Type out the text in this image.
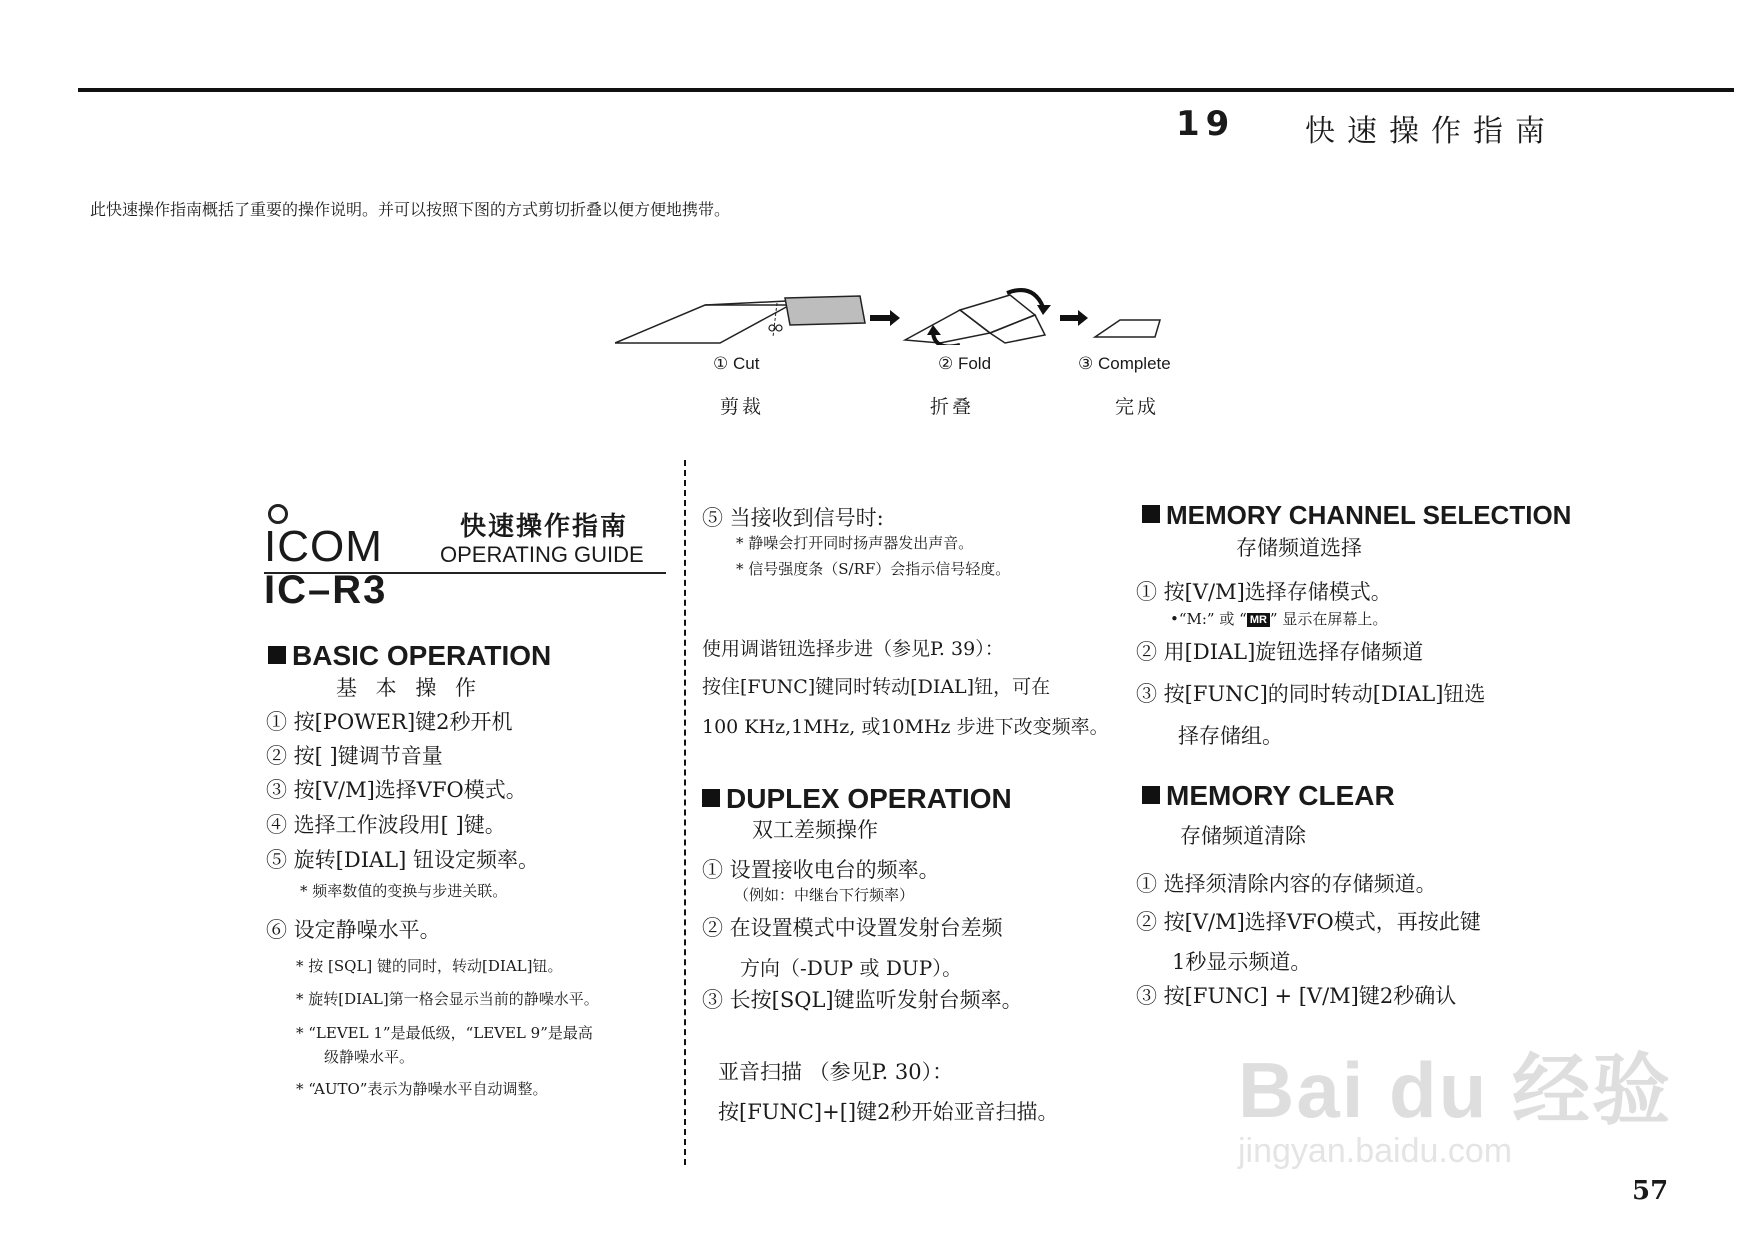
19 快速操作指南
此快速操作指南概括了重要的操作说明。并可以按照下图的方式剪切折叠以便方便地携带。
① Cut	② Fold	③ Complete
剪裁	折叠	完成
ICOM
IC–R3
快速操作指南
OPERATING GUIDE
BASIC OPERATION
基 本 操 作
① 按[POWER]键2秒开机
② 按[ ]键调节音量
③ 按[V/M]选择VFO模式。
④ 选择工作波段用[ ]键。
⑤ 旋转[DIAL] 钮设定频率。
* 频率数值的变换与步进关联。
⑥ 设定静噪水平。
* 按 [SQL] 键的同时，转动[DIAL]钮。
* 旋转[DIAL]第一格会显示当前的静噪水平。
* “LEVEL 1”是最低级，“LEVEL 9”是最高
级静噪水平。
* “AUTO”表示为静噪水平自动调整。
⑤ 当接收到信号时:
* 静噪会打开同时扬声器发出声音。
* 信号强度条（S/RF）会指示信号轻度。
使用调谐钮选择步进（参见P. 39）：
按住[FUNC]键同时转动[DIAL]钮，可在
100 KHz,1MHz, 或10MHz 步进下改变频率。
DUPLEX OPERATION
双工差频操作
① 设置接收电台的频率。
（例如：中继台下行频率）
② 在设置模式中设置发射台差频
方向（-DUP 或 DUP）。
③ 长按[SQL]键监听发射台频率。
亚音扫描 （参见P. 30）：
按[FUNC]+[]键2秒开始亚音扫描。
MEMORY CHANNEL SELECTION
存储频道选择
① 按[V/M]选择存储模式。
•“M:” 或 “ MR ” 显示在屏幕上。
② 用[DIAL]旋钮选择存储频道
③ 按[FUNC]的同时转动[DIAL]钮选
择存储组。
MEMORY CLEAR
存储频道清除
① 选择须清除内容的存储频道。
② 按[V/M]选择VFO模式，再按此键
1秒显示频道。
③ 按[FUNC] + [V/M]键2秒确认
Bai du 经验
jingyan.baidu.com
57
